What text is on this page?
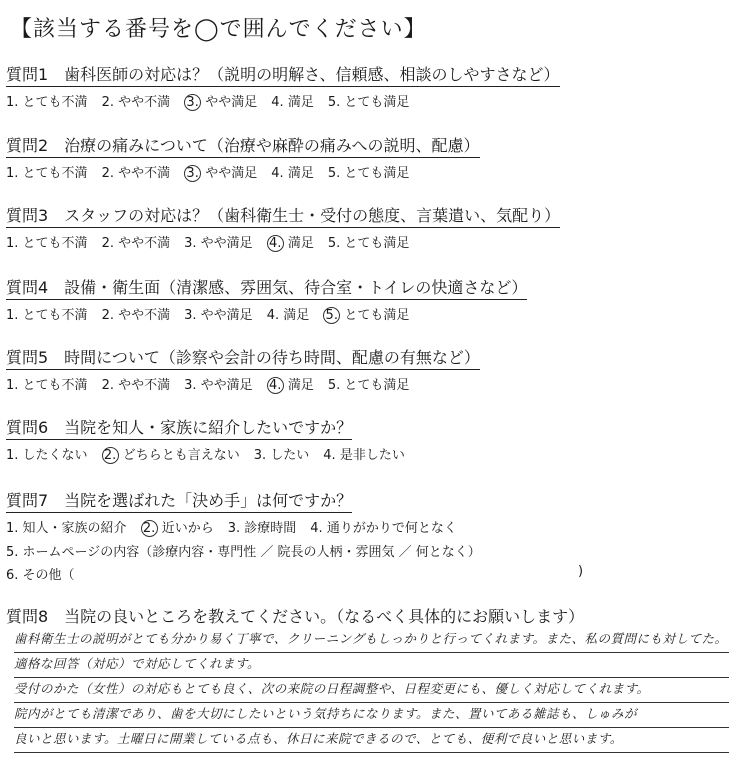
【該当する番号を◯で囲んでください】
質問1　歯科医師の対応は？（説明の明解さ、信頼感、相談のしやすさなど）
1. とても不満 2. やや不満 3. やや満足 4. 満足 5. とても満足
質問2　治療の痛みについて（治療や麻酔の痛みへの説明、配慮）
1. とても不満 2. やや不満 3. やや満足 4. 満足 5. とても満足
質問3　スタッフの対応は？（歯科衛生士・受付の態度、言葉遣い、気配り）
1. とても不満 2. やや不満 3. やや満足 4. 満足 5. とても満足
質問4　設備・衛生面（清潔感、雰囲気、待合室・トイレの快適さなど）
1. とても不満 2. やや不満 3. やや満足 4. 満足 5. とても満足
質問5　時間について（診察や会計の待ち時間、配慮の有無など）
1. とても不満 2. やや不満 3. やや満足 4. 満足 5. とても満足
質問6　当院を知人・家族に紹介したいですか？
1. したくない 2. どちらとも言えない 3. したい 4. 是非したい
質問7　当院を選ばれた「決め手」は何ですか？
1. 知人・家族の紹介 2. 近いから 3. 診療時間 4. 通りがかりで何となく
5. ホームページの内容（診療内容・専門性 ／ 院長の人柄・雰囲気 ／ 何となく）
6. その他（	)
質問8　当院の良いところを教えてください。（なるべく具体的にお願いします）
歯科衛生士の説明がとても分かり易く丁寧で、クリーニングもしっかりと行ってくれます。また、私の質問にも対してた。
適格な回答（対応）で対応してくれます。
受付のかた（女性）の対応もとても良く、次の来院の日程調整や、日程変更にも、優しく対応してくれます。
院内がとても清潔であり、歯を大切にしたいという気持ちになります。また、置いてある雑誌も、しゅみが
良いと思います。土曜日に開業している点も、休日に来院できるので、とても、便利で良いと思います。
